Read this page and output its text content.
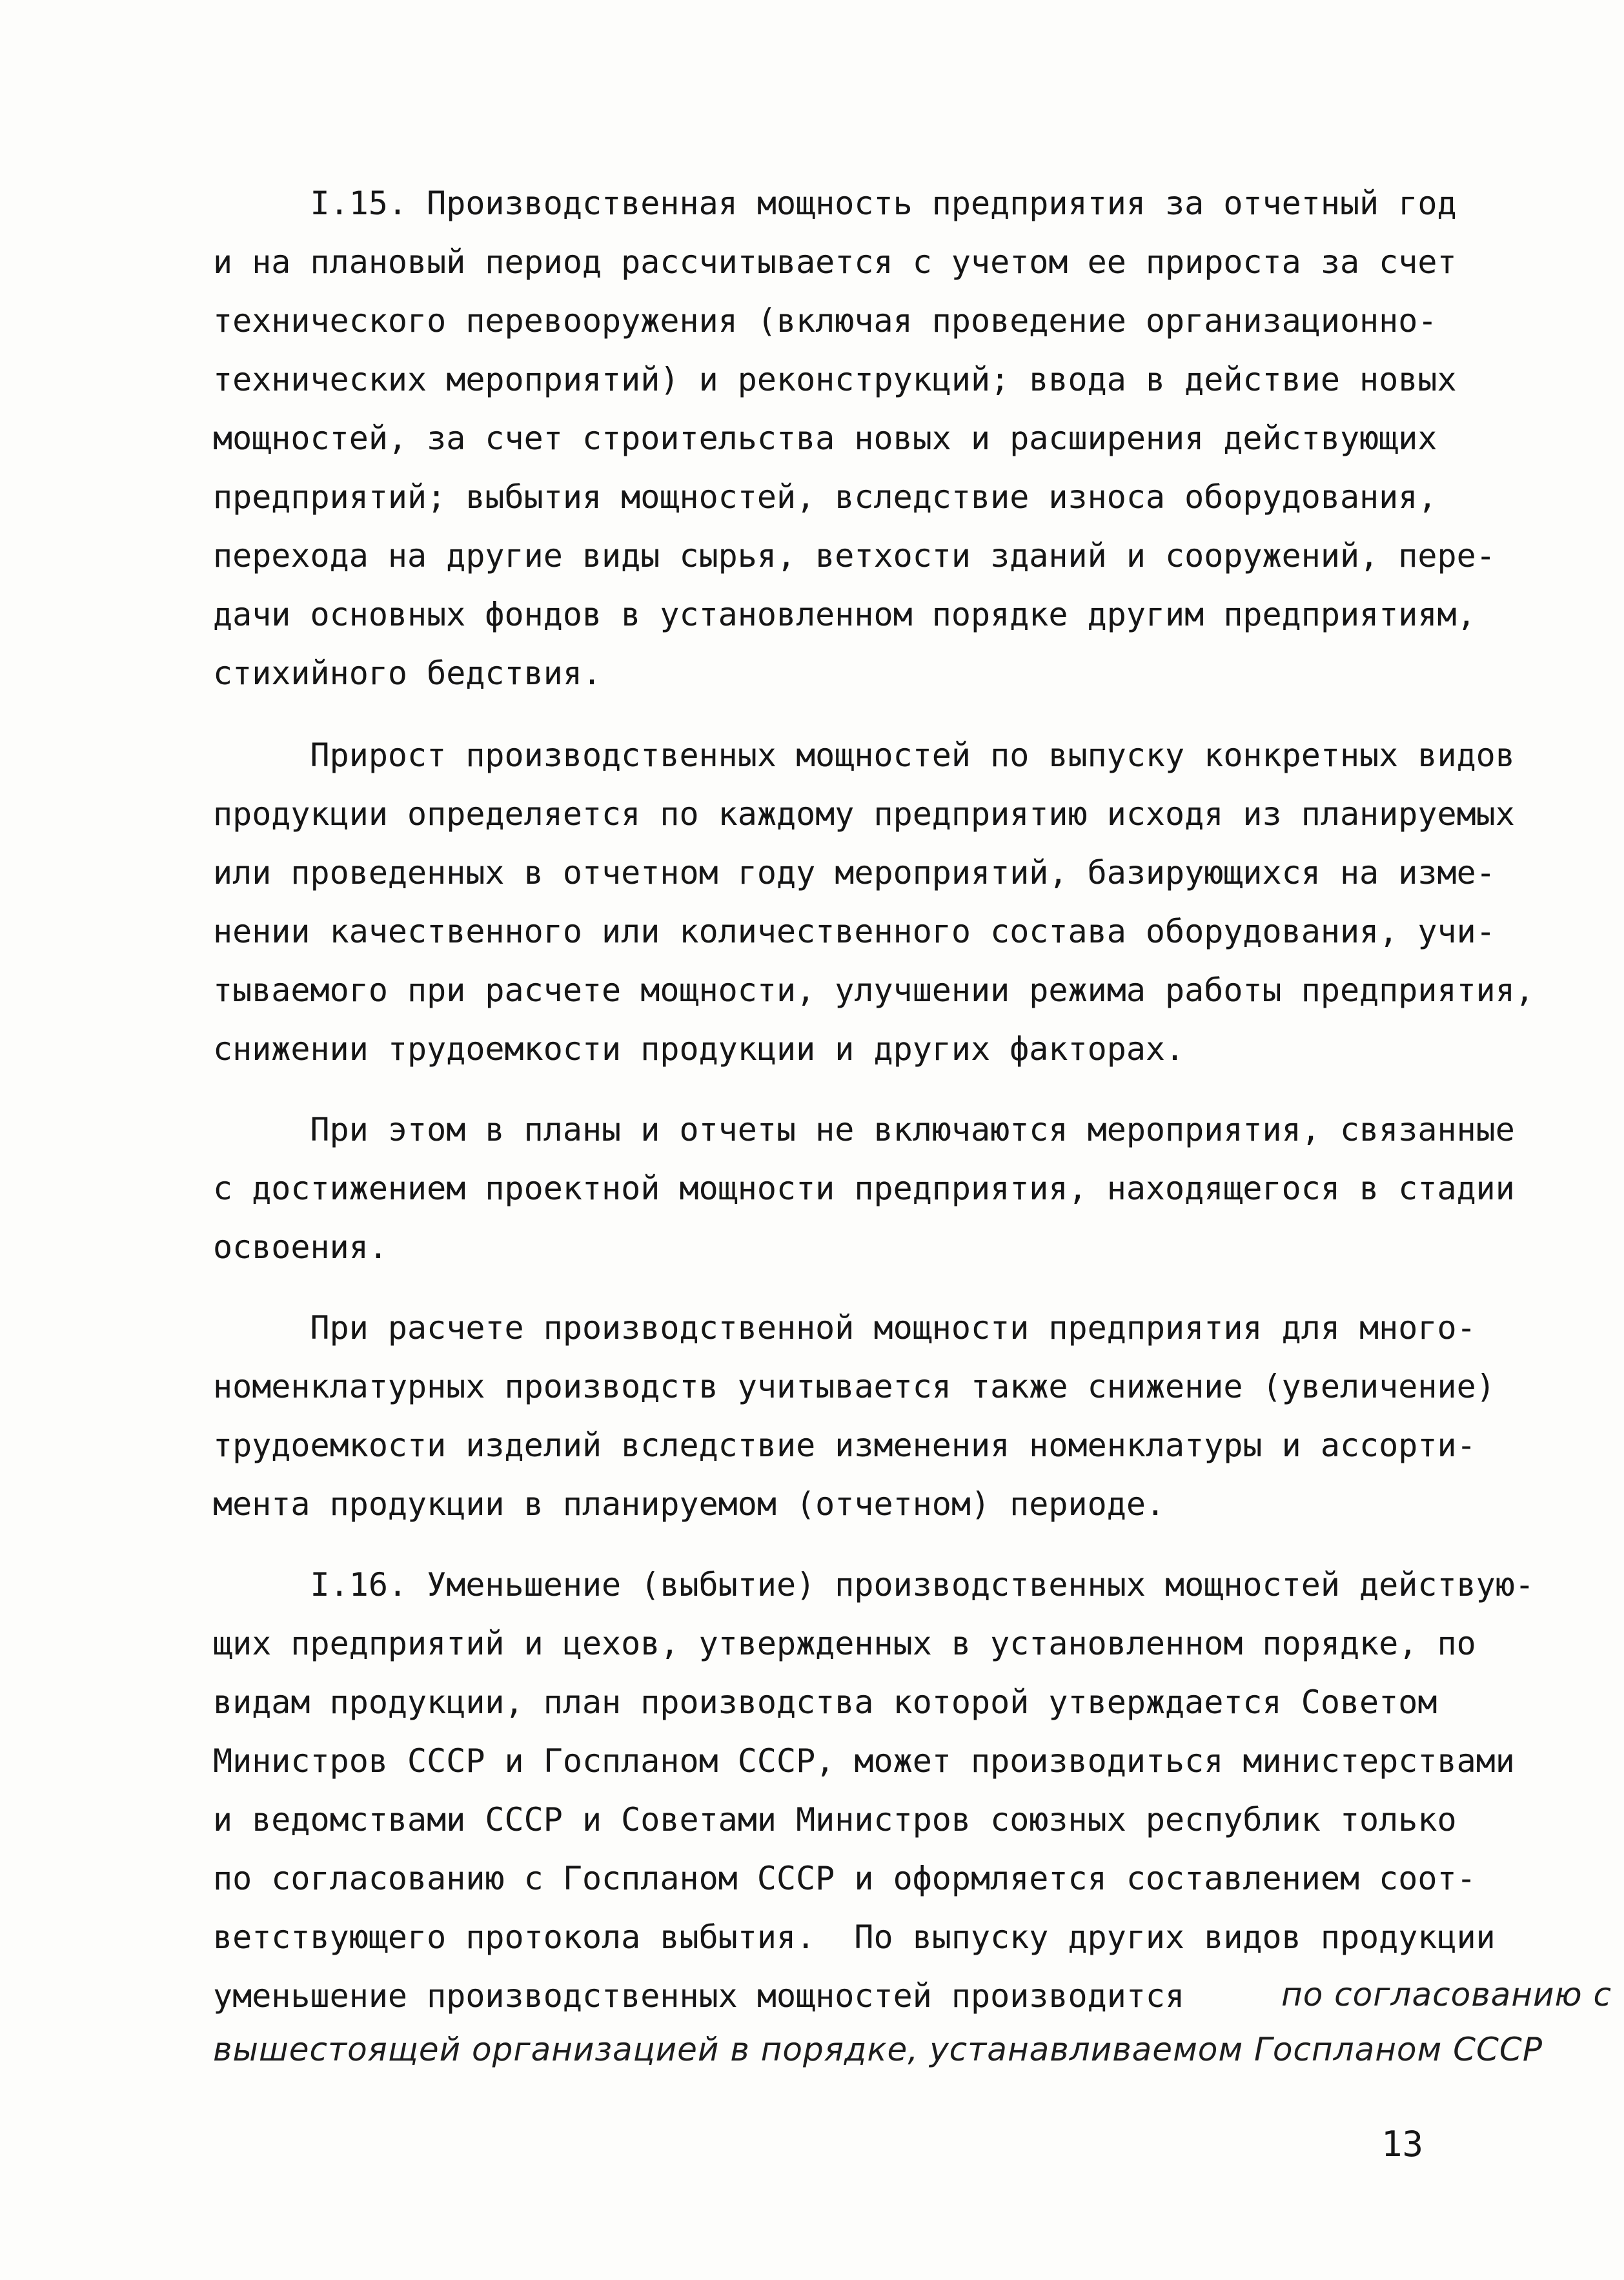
I.15. Производственная мощность предприятия за отчетный год
и на плановый период рассчитывается с учетом ее прироста за счет
технического перевооружения (включая проведение организационно-
технических мероприятий) и реконструкций; ввода в действие новых
мощностей, за счет строительства новых и расширения действующих
предприятий; выбытия мощностей, вследствие износа оборудования,
перехода на другие виды сырья, ветхости зданий и сооружений, пере-
дачи основных фондов в установленном порядке другим предприятиям,
стихийного бедствия.
Прирост производственных мощностей по выпуску конкретных видов
продукции определяется по каждому предприятию исходя из планируемых
или проведенных в отчетном году мероприятий, базирующихся на изме-
нении качественного или количественного состава оборудования, учи-
тываемого при расчете мощности, улучшении режима работы предприятия,
снижении трудоемкости продукции и других факторах.
При этом в планы и отчеты не включаются мероприятия, связанные
с достижением проектной мощности предприятия, находящегося в стадии
освоения.
При расчете производственной мощности предприятия для много-
номенклатурных производств учитывается также снижение (увеличение)
трудоемкости изделий вследствие изменения номенклатуры и ассорти-
мента продукции в планируемом (отчетном) периоде.
I.16. Уменьшение (выбытие) производственных мощностей действую-
щих предприятий и цехов, утвержденных в установленном порядке, по
видам продукции, план производства которой утверждается Советом
Министров СССР и Госпланом СССР, может производиться министерствами
и ведомствами СССР и Советами Министров союзных республик только
по согласованию с Госпланом СССР и оформляется составлением соот-
ветствующего протокола выбытия.  По выпуску других видов продукции
уменьшение производственных мощностей производится	по согласованию с
вышестоящей организацией в порядке, устанавливаемом Госпланом СССР
13
